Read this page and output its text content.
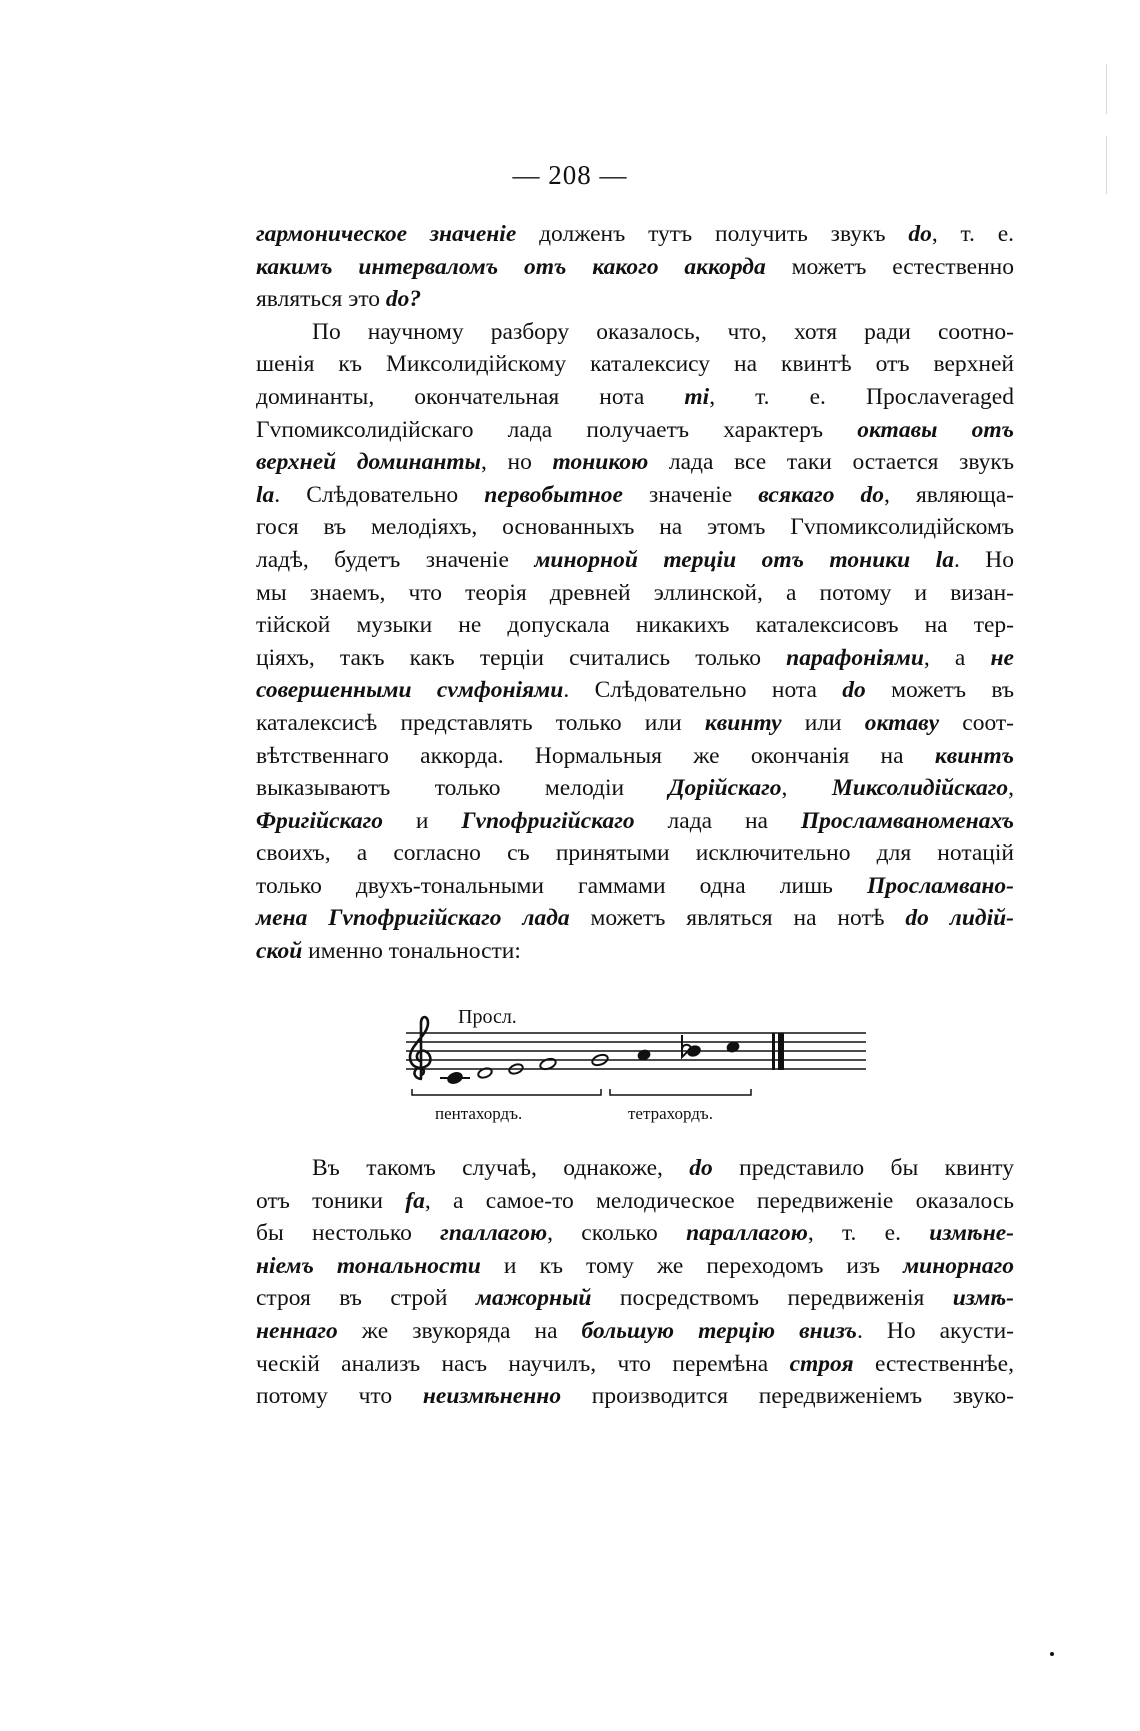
— 208 —
гармоническое значеніе долженъ тутъ получить звукъ do, т. е.
какимъ интерваломъ отъ какого аккорда можетъ естественно
являться это do?
По научному разбору оказалось, что, хотя ради соотно-
шенія къ Миксолидійскому каталексису на квинтѣ отъ верхней
доминанты, окончательная нота mi, т. е. Прослaveraged
Гvпомиксолидійскаго лада получаетъ характеръ октавы отъ
верхней доминанты, но тоникою лада все таки остается звукъ
la. Слѣдовательно первобытное значеніе всякаго do, являюща-
гося въ мелодіяхъ, основанныхъ на этомъ Гvпомиксолидійскомъ
ладѣ, будетъ значеніе минорной терціи отъ тоники la. Но
мы знаемъ, что теорія древней эллинской, а потому и визан-
тійской музыки не допускала никакихъ каталексисовъ на тер-
ціяхъ, такъ какъ терціи считались только парафоніями, а не
совершенными сvмфоніями. Слѣдовательно нота do можетъ въ
каталексисѣ представлять только или квинту или октаву соот-
вѣтственнаго аккорда. Нормальныя же окончанія на квинтъ
выказываютъ только мелодіи Дорійскаго, Миксолидійскаго,
Фригійскаго и Гvпофригійскаго лада на Прослaмвaноменахъ
своихъ, а согласно съ принятыми исключительно для нотацій
только двухъ-тональными гаммами одна лишь Прослaмвaно-
мена Гvпофригійскаго лада можетъ являться на нотѣ do лидій-
ской именно тональности:
Просл.
пентахордъ.	тетрахордъ.
Въ такомъ случаѣ, однакоже, do представило бы квинту
отъ тоники fa, а самое-то мелодическое передвиженіе оказалось
бы нестолько гпаллагою, сколько параллагою, т. е. измѣне-
ніемъ тональности и къ тому же переходомъ изъ минорнаго
строя въ строй мажорный посредствомъ передвиженія измѣ-
неннаго же звукоряда на большую терцію внизъ. Но акусти-
ческій анализъ насъ научилъ, что перемѣна строя естественнѣе,
потому что неизмѣненно производится передвиженіемъ звуко-
